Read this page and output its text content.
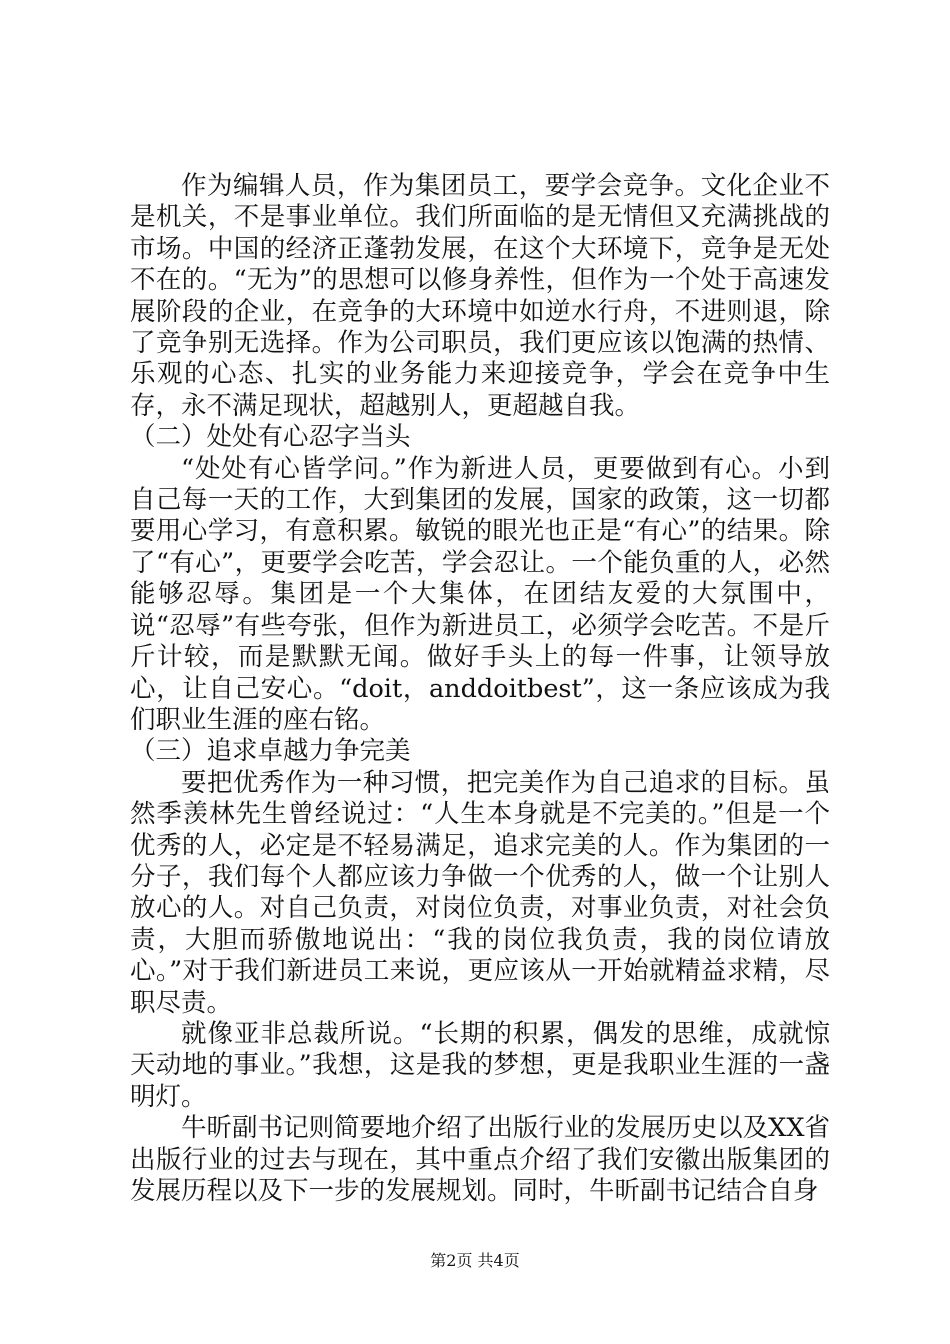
作为编辑人员，作为集团员工，要学会竞争。文化企业不是机关，不是事业单位。我们所面临的是无情但又充满挑战的市场。中国的经济正蓬勃发展，在这个大环境下，竞争是无处不在的。“无为”的思想可以修身养性，但作为一个处于高速发展阶段的企业，在竞争的大环境中如逆水行舟，不进则退，除了竞争别无选择。作为公司职员，我们更应该以饱满的热情、乐观的心态、扎实的业务能力来迎接竞争，学会在竞争中生存，永不满足现状，超越别人，更超越自我。

（二）处处有心忍字当头

“处处有心皆学问。”作为新进人员，更要做到有心。小到自己每一天的工作，大到集团的发展，国家的政策，这一切都要用心学习，有意积累。敏锐的眼光也正是“有心”的结果。除了“有心”，更要学会吃苦，学会忍让。一个能负重的人，必然能够忍辱。集团是一个大集体，在团结友爱的大氛围中，说“忍辱”有些夸张，但作为新进员工，必须学会吃苦。不是斤斤计较，而是默默无闻。做好手头上的每一件事，让领导放心，让自己安心。“doit，anddoitbest”，这一条应该成为我们职业生涯的座右铭。

（三）追求卓越力争完美

要把优秀作为一种习惯，把完美作为自己追求的目标。虽然季羡林先生曾经说过：“人生本身就是不完美的。”但是一个优秀的人，必定是不轻易满足，追求完美的人。作为集团的一分子，我们每个人都应该力争做一个优秀的人，做一个让别人放心的人。对自己负责，对岗位负责，对事业负责，对社会负责，大胆而骄傲地说出：“我的岗位我负责，我的岗位请放心。”对于我们新进员工来说，更应该从一开始就精益求精，尽职尽责。

就像亚非总裁所说。“长期的积累，偶发的思维，成就惊天动地的事业。”我想，这是我的梦想，更是我职业生涯的一盏明灯。

牛昕副书记则简要地介绍了出版行业的发展历史以及XX省出版行业的过去与现在，其中重点介绍了我们安徽出版集团的发展历程以及下一步的发展规划。同时，牛昕副书记结合自身

第2页 共4页
